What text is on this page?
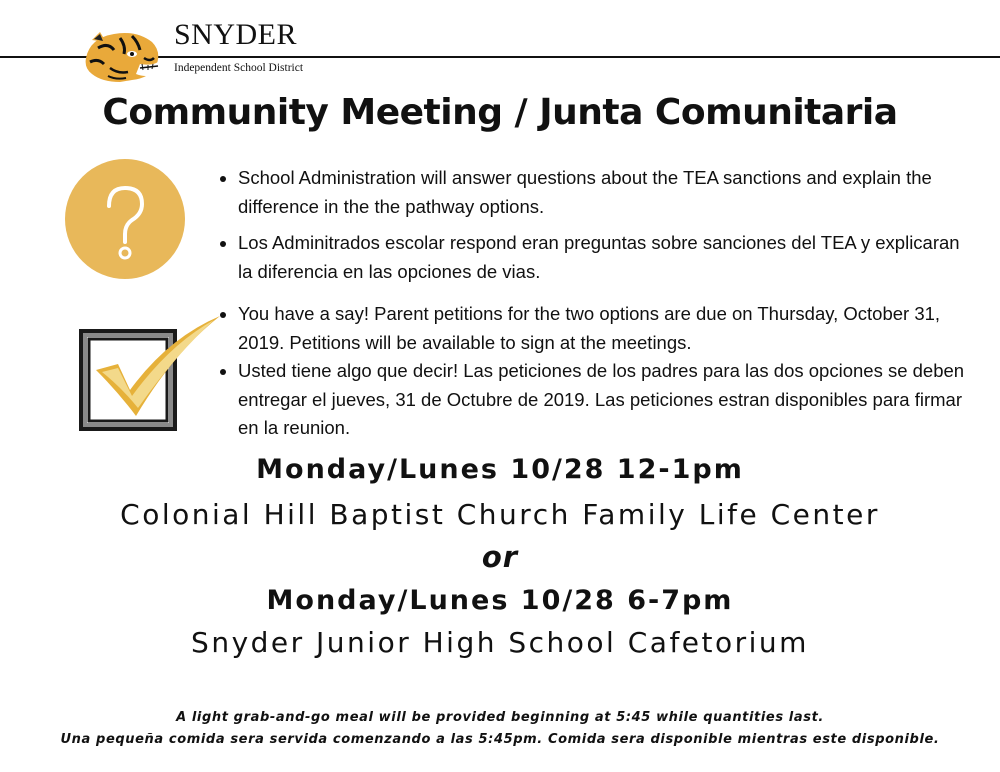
SNYDER
Independent School District
Community Meeting / Junta Comunitaria
• School Administration will answer questions about the TEA sanctions and explain the difference in the the pathway options.
• Los Adminitrados escolar respond eran preguntas sobre sanciones del TEA y explicaran la diferencia en las opciones de vias.
• You have a say! Parent petitions for the two options are due on Thursday, October 31, 2019. Petitions will be available to sign at the meetings.
• Usted tiene algo que decir! Las peticiones de los padres para las dos opciones se deben entregar el jueves, 31 de Octubre de 2019. Las peticiones estran disponibles para firmar en la reunion.
Monday/Lunes 10/28 12-1pm
Colonial Hill Baptist Church Family Life Center
or
Monday/Lunes 10/28 6-7pm
Snyder Junior High School Cafetorium
A light grab-and-go meal will be provided beginning at 5:45 while quantities last.
Una pequeña comida sera servida comenzando a las 5:45pm. Comida sera disponible mientras este disponible.
